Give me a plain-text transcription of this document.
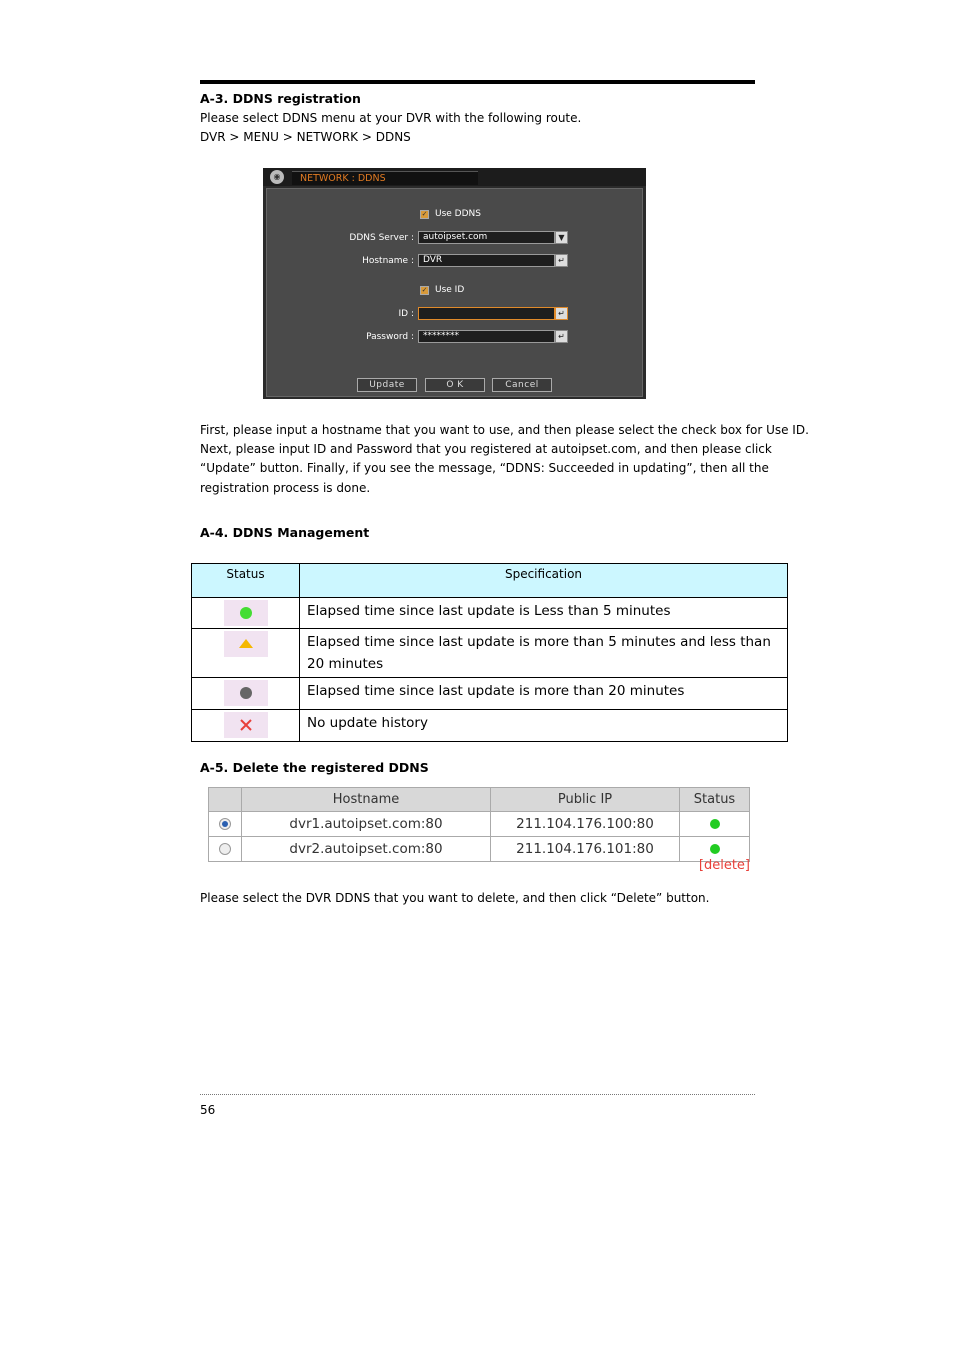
A-3. DDNS registration
Please select DDNS menu at your DVR with the following route.
DVR > MENU > NETWORK > DDNS
◉	NETWORK : DDNS
✓ Use DDNS
DDNS Server :	autoipset.com	▼
Hostname :	DVR	↵
✓ Use ID
ID :	↵
Password :	********	↵
Update	O K	Cancel
First, please input a hostname that you want to use, and then please select the check box for Use ID.
Next, please input ID and Password that you registered at autoipset.com, and then please click
“Update” button. Finally, if you see the message, “DDNS: Succeeded in updating”, then all the
registration process is done.
A-4. DDNS Management
Status	Specification

	Elapsed time since last update is Less than 5 minutes

	Elapsed time since last update is more than 5 minutes and less than 20 minutes

	Elapsed time since last update is more than 20 minutes

	No update history
A-5. Delete the registered DDNS
	Hostname	Public IP	Status
	dvr1.autoipset.com:80	211.104.176.100:80	
	dvr2.autoipset.com:80	211.104.176.101:80	
[delete]
Please select the DVR DDNS that you want to delete, and then click “Delete” button.
56
